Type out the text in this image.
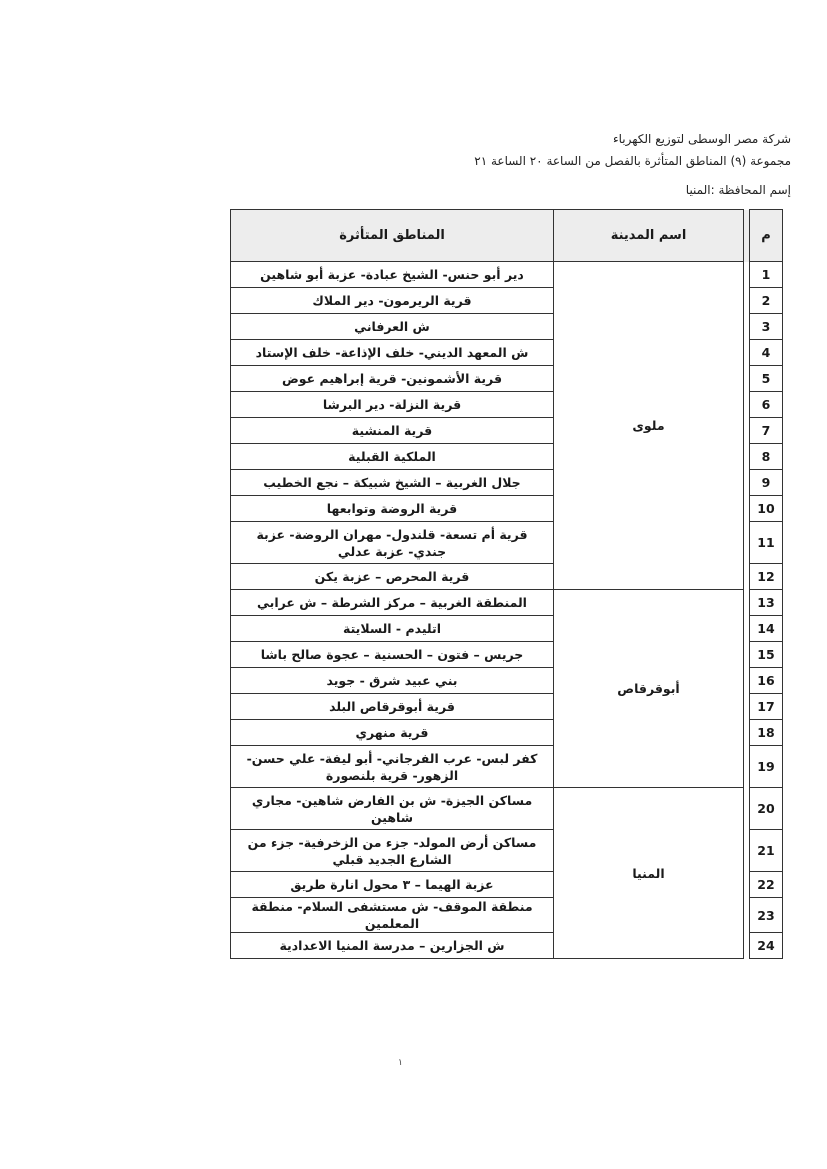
شركة مصر الوسطى لتوزيع الكهرباء
مجموعة (٩) المناطق المتأثرة بالفصل من الساعة ٢٠ الساعة ٢١
إسم المحافظة :المنيا
م		اسم المدينة	المناطق المتأثرة
1		ملوى	دير أبو حنس- الشيخ عبادة- عزبة أبو شاهين
2			قرية الريرمون- دير الملاك
3			ش العرفاني
4			ش المعهد الديني- خلف الإذاعة- خلف الإستاد
5			قرية الأشمونين- قرية إبراهيم عوض
6			قرية النزلة- دير البرشا
7			قرية المنشية
8			الملكية القبلية
9			جلال الغربية – الشيخ شبيكة – نجع الخطيب
10			قرية الروضة وتوابعها
11			قرية أم تسعة- قلندول- مهران الروضة- عزبة جندي- عزبة عدلي
12			قرية المحرص – عزبة يكن
13		أبوقرقاص	المنطقة الغربية – مركز الشرطة – ش عرابي
14			اتليدم - السلايتة
15			جريس – فتون – الحسنية – عجوة صالح باشا
16			بني عبيد شرق - جويد
17			قرية أبوقرقاص البلد
18			قرية منهري
19			كفر لبس- عرب الفرجاني- أبو ليفة- علي حسن- الزهور- قرية بلنصورة
20		المنيا	مساكن الجيزة- ش بن الفارض شاهين- مجاري شاهين
21			مساكن أرض المولد- جزء من الزخرفية- جزء من الشارع الجديد قبلي
22			عزبة الهيما – ٣ محول انارة طريق
23			منطقة الموقف- ش مستشفى السلام- منطقة المعلمين
24			ش الجزارين – مدرسة المنيا الاعدادية
١
